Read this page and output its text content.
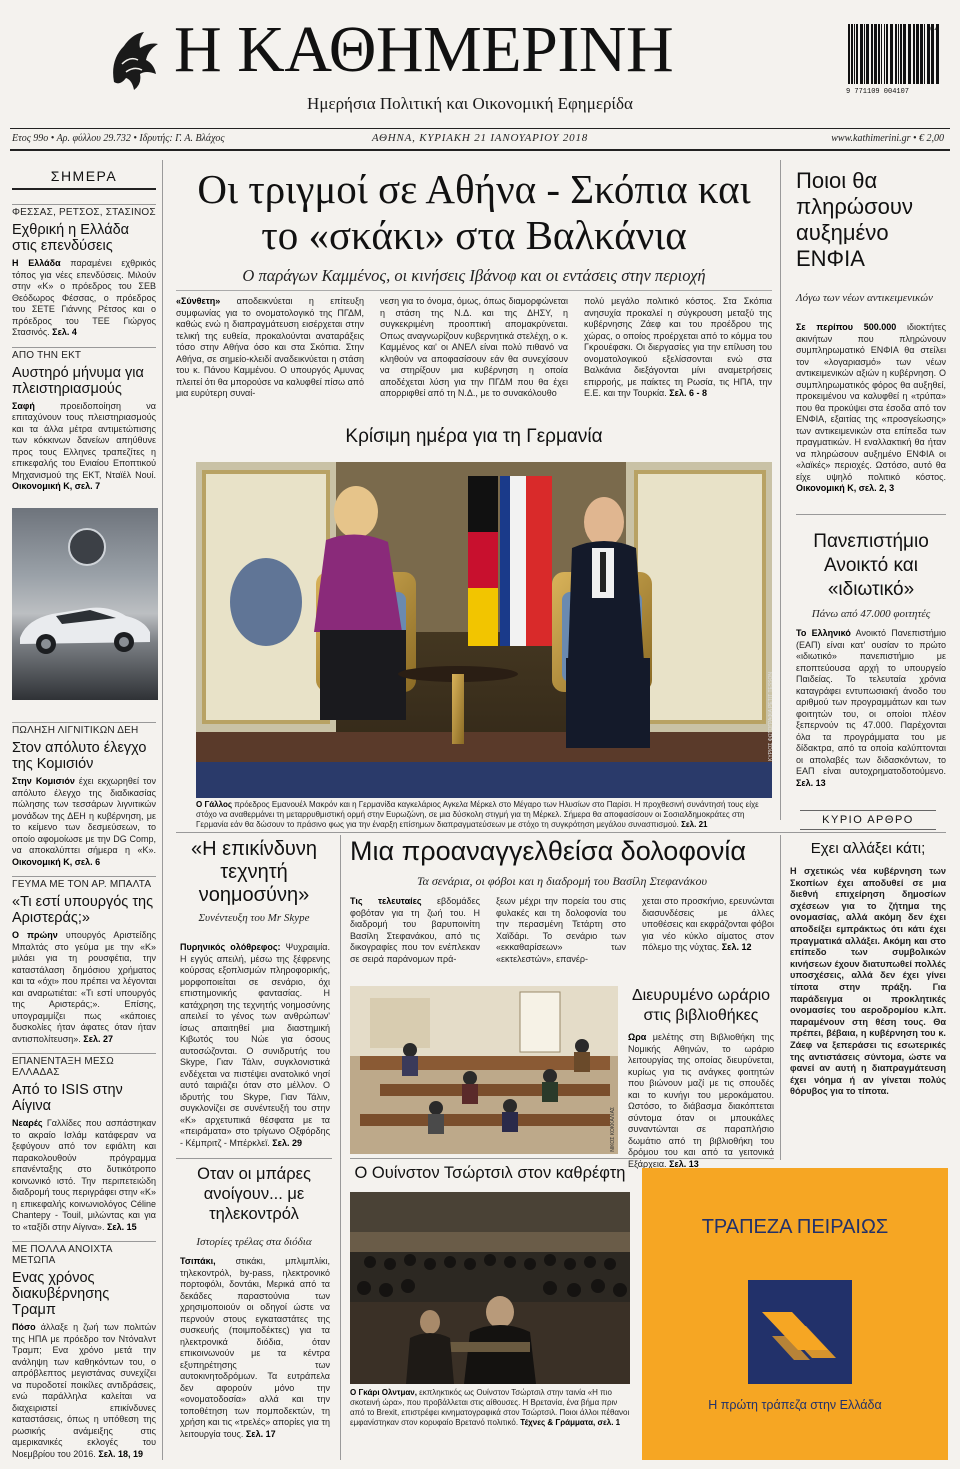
Η ΚΑΘΗΜΕΡΙΝΗ
Ημερήσια Πολιτική και Οικονομική Εφημερίδα
9 771109 004107
04
Ετος 99ο • Αρ. φύλλου 29.732 • Ιδρυτής: Γ. Α. Βλάχος	ΑΘΗΝΑ, ΚΥΡΙΑΚΗ 21 ΙΑΝΟΥΑΡΙΟΥ 2018	www.kathimerini.gr • € 2,00
ΣΗΜΕΡΑ
ΦΕΣΣΑΣ, ΡΕΤΣΟΣ, ΣΤΑΣΙΝΟΣ
Εχθρική η Ελλάδα στις επενδύσεις
Η Ελλάδα παραμένει εχθρικός τόπος για νέες επενδύσεις. Μιλούν στην «Κ» ο πρόεδρος του ΣΕΒ Θεόδωρος Φέσσας, ο πρόεδρος του ΣΕΤΕ Γιάννης Ρέτσος και ο πρόεδρος του ΤΕΕ Γιώργος Στασινός. Σελ. 4
ΑΠΟ ΤΗΝ ΕΚΤ
Αυστηρό μήνυμα για πλειστηριασμούς
Σαφή προειδοποίηση να επιταχύνουν τους πλειστηριασμούς και τα άλλα μέτρα αντιμετώπισης των κόκκινων δανείων απηύθυνε προς τους Ελληνες τραπεζίτες η επικεφαλής του Ενιαίου Εποπτικού Μηχανισμού της ΕΚΤ, Νταϊέλ Νουί. Οικονομική Κ, σελ. 7
ΠΩΛΗΣΗ ΛΙΓΝΙΤΙΚΩΝ ΔΕΗ
Στον απόλυτο έλεγχο της Κομισιόν
Στην Κομισιόν έχει εκχωρηθεί τον απόλυτο έλεγχο της διαδικασίας πώλησης των τεσσάρων λιγνιτικών μονάδων της ΔΕΗ η κυβέρνηση, με το κείμενο των δεσμεύσεων, το οποίο αφομοίωσε με την DG Comp, να αποκαλύπτει σήμερα η «Κ». Οικονομική Κ, σελ. 6
ΓΕΥΜΑ ΜΕ ΤΟΝ ΑΡ. ΜΠΑΛΤΑ
«Τι εστί υπουργός της Αριστεράς;»
Ο πρώην υπουργός Αριστείδης Μπαλτάς στο γεύμα με την «Κ» μιλάει για τη ρουσφέτια, την καταστάλαση δημόσιου χρήματος και τα «όχι» που πρέπει να λέγονται και αναρωτιέται: «Τι εστί υπουργός της Αριστεράς;». Επίσης, υπογραμμίζει πως «κάποιες δυσκολίες ήταν άφατες όταν ήταν αντισπολίτευση». Σελ. 27
ΕΠΑΝΕΝΤΑΞΗ ΜΕΣΩ ΕΛΛΑΔΑΣ
Από το ISIS στην Αίγινα
Νεαρές Γαλλίδες που ασπάστηκαν το ακραίο Ισλάμ κατάφεραν να ξεφύγουν από τον εφιάλτη και παρακολουθούν πρόγραμμα επανένταξης στο δυτικότροπο κοινωνικό ιστό. Την περιπετειώδη διαδρομή τους περιγράφει στην «Κ» η επικεφαλής κοινωνιολόγος Céline Chantepy - Touil, μιλώντας και για το «ταξίδι στην Αίγινα». Σελ. 15
ΜΕ ΠΟΛΛΑ ΑΝΟΙΧΤΑ ΜΕΤΩΠΑ
Ενας χρόνος διακυβέρνησης Τραμπ
Πόσο άλλαξε η ζωή των πολιτών της ΗΠΑ με πρόεδρο τον Ντόναλντ Τραμπ; Ενα χρόνο μετά την ανάληψη των καθηκόντων του, ο απρόβλεπτος μεγιστάνας συνεχίζει να πυροδοτεί ποικίλες αντιδράσεις, ενώ παράλληλα καλείται να διαχειριστεί επικίνδυνες καταστάσεις, όπως η υπόθεση της ρωσικής ανάμειξης στις αμερικανικές εκλογές του Νοεμβρίου του 2016. Σελ. 18, 19
Οι τριγμοί σε Αθήνα - Σκόπια και το «σκάκι» στα Βαλκάνια
Ο παράγων Καμμένος, οι κινήσεις Ιβάνοφ και οι εντάσεις στην περιοχή
«Σύνθετη» αποδεικνύεται η επίτευξη συμφωνίας για το ονοματολογικό της ΠΓΔΜ, καθώς ενώ η διαπραγμάτευση εισέρχεται στην τελική της ευθεία, προκαλούνται αναταράξεις τόσο στην Αθήνα όσο και στα Σκόπια. Στην Αθήνα, σε σημείο-κλειδί αναδεικνύεται η στάση του κ. Πάνου Καμμένου. Ο υπουργός Αμυνας πλειτεί ότι θα μπορούσε να καλυφθεί πίσω από μια ευρύτερη συναί-
νεση για το όνομα, όμως, όπως διαμορφώνεται η στάση της Ν.Δ. και της ΔΗΣΥ, η συγκεκριμένη προοπτική απομακρύνεται. Οπως αναγνωρίζουν κυβερνητικά στελέχη, ο κ. Καμμένος και' οι ΑΝΕΛ είναι πολύ πιθανό να κληθούν να αποφασίσουν εάν θα συνεχίσουν να στηρίξουν μια κυβέρνηση η οποία αποδέχεται λύση για την ΠΓΔΜ που θα έχει απορριφθεί από τη Ν.Δ., με το συνακόλουθο
πολύ μεγάλο πολιτικό κόστος. Στα Σκόπια ανησυχία προκαλεί η σύγκρουση μεταξύ της κυβέρνησης Ζάεφ και του προέδρου της χώρας, ο οποίος προέρχεται από το κόμμα του Γκρουέφσκι. Οι διεργασίες για την επίλυση του ονοματολογικού εξελίσσονται ενώ στα Βαλκάνια διεξάγονται μίνι αναμετρήσεις επιρροής, με παίκτες τη Ρωσία, τις ΗΠΑ, την Ε.Ε. και την Τουρκία. Σελ. 6 - 8
Κρίσιμη ημέρα για τη Γερμανία
ΚΥΡΙΟΣ ΦΩΤΟΓΡΑΦΙΑ PETIT TESSON
Ο Γάλλος πρόεδρος Εμανουέλ Μακρόν και η Γερμανίδα καγκελάριος Αγκελα Μέρκελ στο Μέγαρο των Ηλυσίων στο Παρίσι. Η προχθεσινή συνάντησή τους είχε στόχο να αναθερμάνει τη μεταρρυθμιστική ορμή στην Ευρωζώνη, σε μια δύσκολη στιγμή για τη Μέρκελ. Σήμερα θα αποφασίσουν οι Σοσιαλδημοκράτες στη Γερμανία εάν θα δώσουν το πράσινο φως για την έναρξη επίσημων διαπραγματεύσεων με στόχο τη συγκρότηση μεγάλου συνασπισμού. Σελ. 21
Ποιοι θα πληρώσουν αυξημένο ΕΝΦΙΑ
Λόγω των νέων αντικειμενικών
Σε περίπου 500.000 ιδιοκτήτες ακινήτων που πληρώνουν συμπληρωματικό ΕΝΦΙΑ θα στείλει τον «λογαριασμό» των νέων αντικειμενικών αξιών η κυβέρνηση. Ο συμπληρωματικός φόρος θα αυξηθεί, προκειμένου να καλυφθεί η «τρύπα» που θα προκύψει στα έσοδα από τον ΕΝΦΙΑ, εξαιτίας της «προσγείωσης» των αντικειμενικών στα επίπεδα των πραγματικών. Η εναλλακτική θα ήταν να πληρώσουν αυξημένο ΕΝΦΙΑ οι «λαϊκές» περιοχές. Ωστόσο, αυτό θα είχε υψηλό πολιτικό κόστος. Οικονομική Κ, σελ. 2, 3
Πανεπιστήμιο Ανοικτό και «ιδιωτικό»
Πάνω από 47.000 φοιτητές
Το Ελληνικό Ανοικτό Πανεπιστήμιο (ΕΑΠ) είναι κατ' ουσίαν το πρώτο «ιδιωτικό» πανεπιστήμιο με εποπτεύουσα αρχή το υπουργείο Παιδείας. Το τελευταία χρόνια καταγράφει εντυπωσιακή άνοδο του αριθμού των προγραμμάτων και των φοιτητών του, οι οποίοι πλέον ξεπερνούν τις 47.000. Παρέχονται όλα τα προγράμματα του με δίδακτρα, από τα οποία καλύπτονται οι απολαβές των διδασκόντων, το ΕΑΠ είναι αυτοχρηματοδοτούμενο. Σελ. 13
«Η επικίνδυνη τεχνητή νοημοσύνη»
Συνέντευξη του Mr Skype
Πυρηνικός ολόθρεφος: Ψυχραιμία. Η εγγύς απειλή, μέσω της ξέφρενης κούρσας εξοπλισμών πληροφορικής, μορφοποιείται σε σενάριο, όχι επιστημονικής φαντασίας. Η κατάχρηση της τεχνητής νοημοσύνης απειλεί το γένος των ανθρώπων' ίσως απαιτηθεί μια διαστημική Κιβωτός του Νώε για όσους αυτοσώζονται. Ο συνιδρυτής του Skype, Γιαν Τάλιν, συγκλονιστικά ενδέχεται να πιστέψει ανατολικό νησί αυτό ταιριάζει όταν στο μέλλον. Ο ιδρυτής του Skype, Γιαν Τάλιν, συγκλονίζει σε συνέντευξή του στην «Κ» αρχετυπικά θέσφατα με τα «πειράματα» στο τρίγωνο Οξφόρδης - Κέμπριτζ - Μπέρκλεϊ. Σελ. 29
Μια προαναγγελθείσα δολοφονία
Τα σενάρια, οι φόβοι και η διαδρομή του Βασίλη Στεφανάκου
Τις τελευταίες εβδομάδες φοβόταν για τη ζωή του. Η διαδρομή του βαρυποινίτη Βασίλη Στεφανάκου, από τις δικογραφίες που τον ενέπλεκαν σε σειρά παράνομων πρά-
ξεων μέχρι την πορεία του στις φυλακές και τη δολοφονία του την περασμένη Τετάρτη στο Χαϊδάρι. Το σενάριο των «εκκαθαρίσεων» των «εκτελεστών», επανέρ-
χεται στο προσκήνιο, ερευνώνται διασυνδέσεις με άλλες υποθέσεις και εκφράζονται φόβοι για νέο κύκλο αίματος στον πόλεμο της νύχτας. Σελ. 12
ΝΙΚΟΣ ΚΟΚΚΑΛΙΑΣ
Διευρυμένο ωράριο στις βιβλιοθήκες
Ωρα μελέτης στη Βιβλιοθήκη της Νομικής Αθηνών, το ωράριο λειτουργίας της οποίας διευρύνεται, κυρίως για τις ανάγκες φοιτητών που βιώνουν μαζί με τις σπουδές και το κυνήγι του μεροκάματου. Ωστόσο, το διάβασμα διακόπτεται σύντομα όταν οι μπουκάλες συναντώνται σε παραπλήσιο δωμάτιο από τη βιβλιοθήκη του δρόμου του και από τα γειτονικά Εξάρχεια. Σελ. 13
Οταν οι μπάρες ανοίγουν... με τηλεκοντρόλ
Ιστορίες τρέλας στα διόδια
Τσιπάκι, στικάκι, μπλιμπλίκι, τηλεκοντρόλ, by-pass, ηλεκτρονικό πορτοφόλι, δοντάκι, Μερικά από τα δεκάδες παραστούνια των χρησιμοποιούν οι οδηγοί ώστε να περνούν στους εγκαταστάτες της συσκευής (ποιμποδέκτες) για τα ηλεκτρονικά διόδια, όταν επικοινωνούν με τα κέντρα εξυπηρέτησης των αυτοκινητοδρόμων. Τα ευτράπελα δεν αφορούν μόνο την «ονοματοδοσία» αλλά και την τοποθέτηση των πομποδεκτών, τη χρήση και τις «τρελές» απορίες για τη λειτουργία τους. Σελ. 17
Ο Ουίνστον Τσώρτσιλ στον καθρέφτη
Ο Γκάρι Ολντμαν, εκπληκτικός ως Ουίνστον Τσώρτσιλ στην ταινία «Η πιο σκοτεινή ώρα», που προβάλλεται στις αίθουσες. Η Βρετανία, ένα βήμα πριν από το Brexit, επιστρέφει κινηματογραφικά στον Τσώρτσιλ. Ποιοι άλλοι πέθανοι εμφανίστηκαν στον κορυφαίο Βρετανό πολιτικό. Τέχνες & Γράμματα, σελ. 1
ΚΥΡΙΟ ΑΡΘΡΟ
Εχει αλλάξει κάτι;
Η σχετικώς νέα κυβέρνηση των Σκοπίων έχει αποδυθεί σε μια διεθνή επιχείρηση δημοσίων σχέσεων για το ζήτημα της ονομασίας, αλλά ακόμη δεν έχει αποδείξει εμπράκτως ότι κάτι έχει πραγματικά αλλάξει. Ακόμη και στο επίπεδο των συμβολικών κινήσεων έχουν διατυπωθεί πολλές υποσχέσεις, αλλά δεν έχει γίνει τίποτα στην πράξη. Για παράδειγμα οι προκλητικές ονομασίες του αεροδρομίου κ.λπ. παραμένουν στη θέση τους. Θα πρέπει, βέβαια, η κυβέρνηση του κ. Ζάεφ να ξεπεράσει τις εσωτερικές της αντιστάσεις σύντομα, ώστε να φανεί αν αυτή η διαπραγμάτευση έχει νόημα ή αν γίνεται πολύς θόρυβος για το τίποτα.
ΤΡΑΠΕΖΑ ΠΕΙΡΑΙΩΣ
Η πρώτη τράπεζα στην Ελλάδα
